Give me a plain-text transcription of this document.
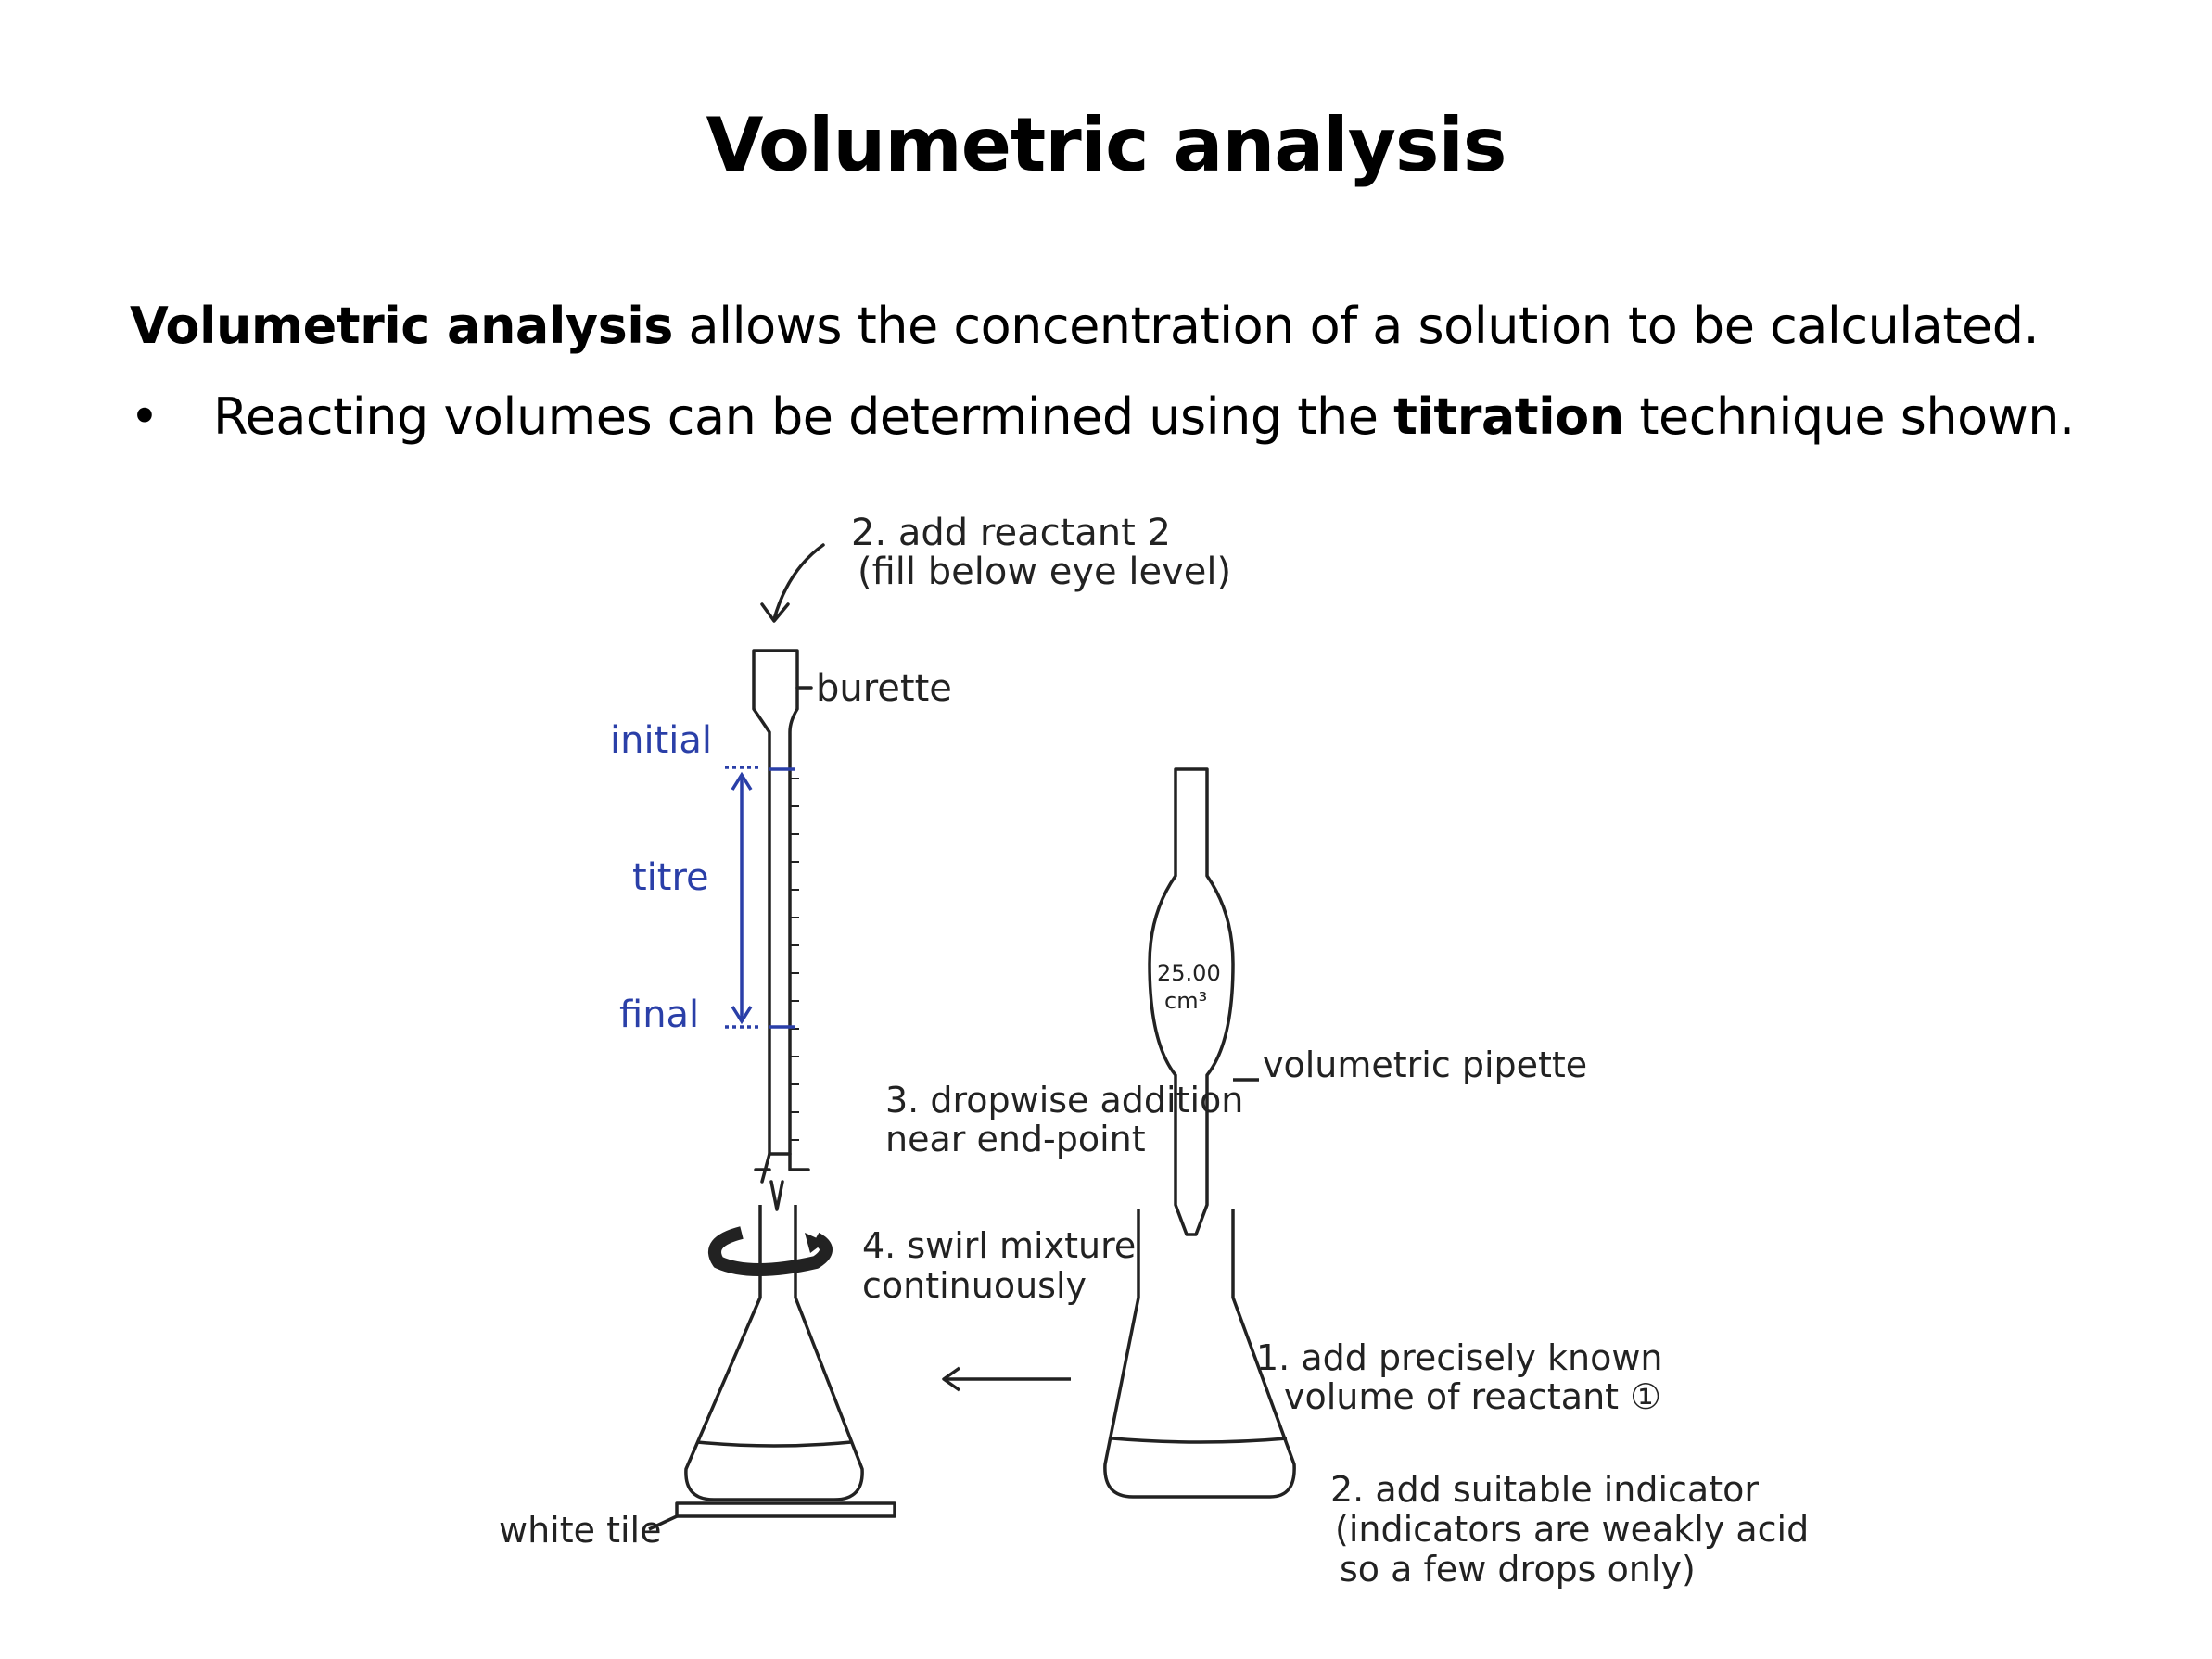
Volumetric analysis
Volumetric analysis allows the concentration of a solution to be calculated.
• Reacting volumes can be determined using the titration technique shown.
2. add reactant 2
(fill below eye level)
burette
initial
titre
final
25.00
cm³
volumetric pipette
3. dropwise addition
near end-point
4. swirl mixture
continuously
1. add precisely known
volume of reactant ①
2. add suitable indicator
(indicators are weakly acid
so a few drops only)
white tile
